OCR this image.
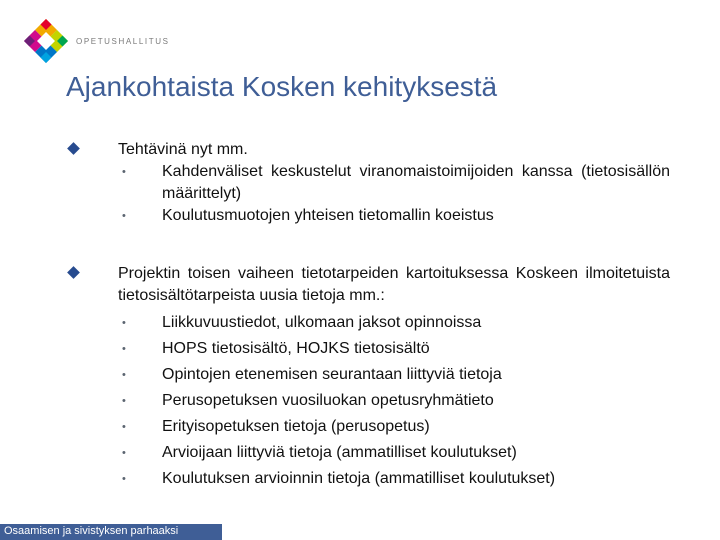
OPETUSHALLITUS
Ajankohtaista Kosken kehityksestä
Tehtävinä nyt mm.
• Kahdenväliset keskustelut viranomaistoimijoiden kanssa (tietosisällön määrittelyt)
• Koulutusmuotojen yhteisen tietomallin koeistus
Projektin toisen vaiheen tietotarpeiden kartoituksessa Koskeen ilmoitetuista tietosisältötarpeista uusia tietoja mm.:
• Liikkuvuustiedot, ulkomaan jaksot opinnoissa
• HOPS tietosisältö, HOJKS tietosisältö
• Opintojen etenemisen seurantaan liittyviä tietoja
• Perusopetuksen vuosiluokan opetusryhmätieto
• Erityisopetuksen tietoja (perusopetus)
• Arvioijaan liittyviä tietoja (ammatilliset koulutukset)
• Koulutuksen arvioinnin tietoja (ammatilliset koulutukset)
Osaamisen ja sivistyksen parhaaksi
